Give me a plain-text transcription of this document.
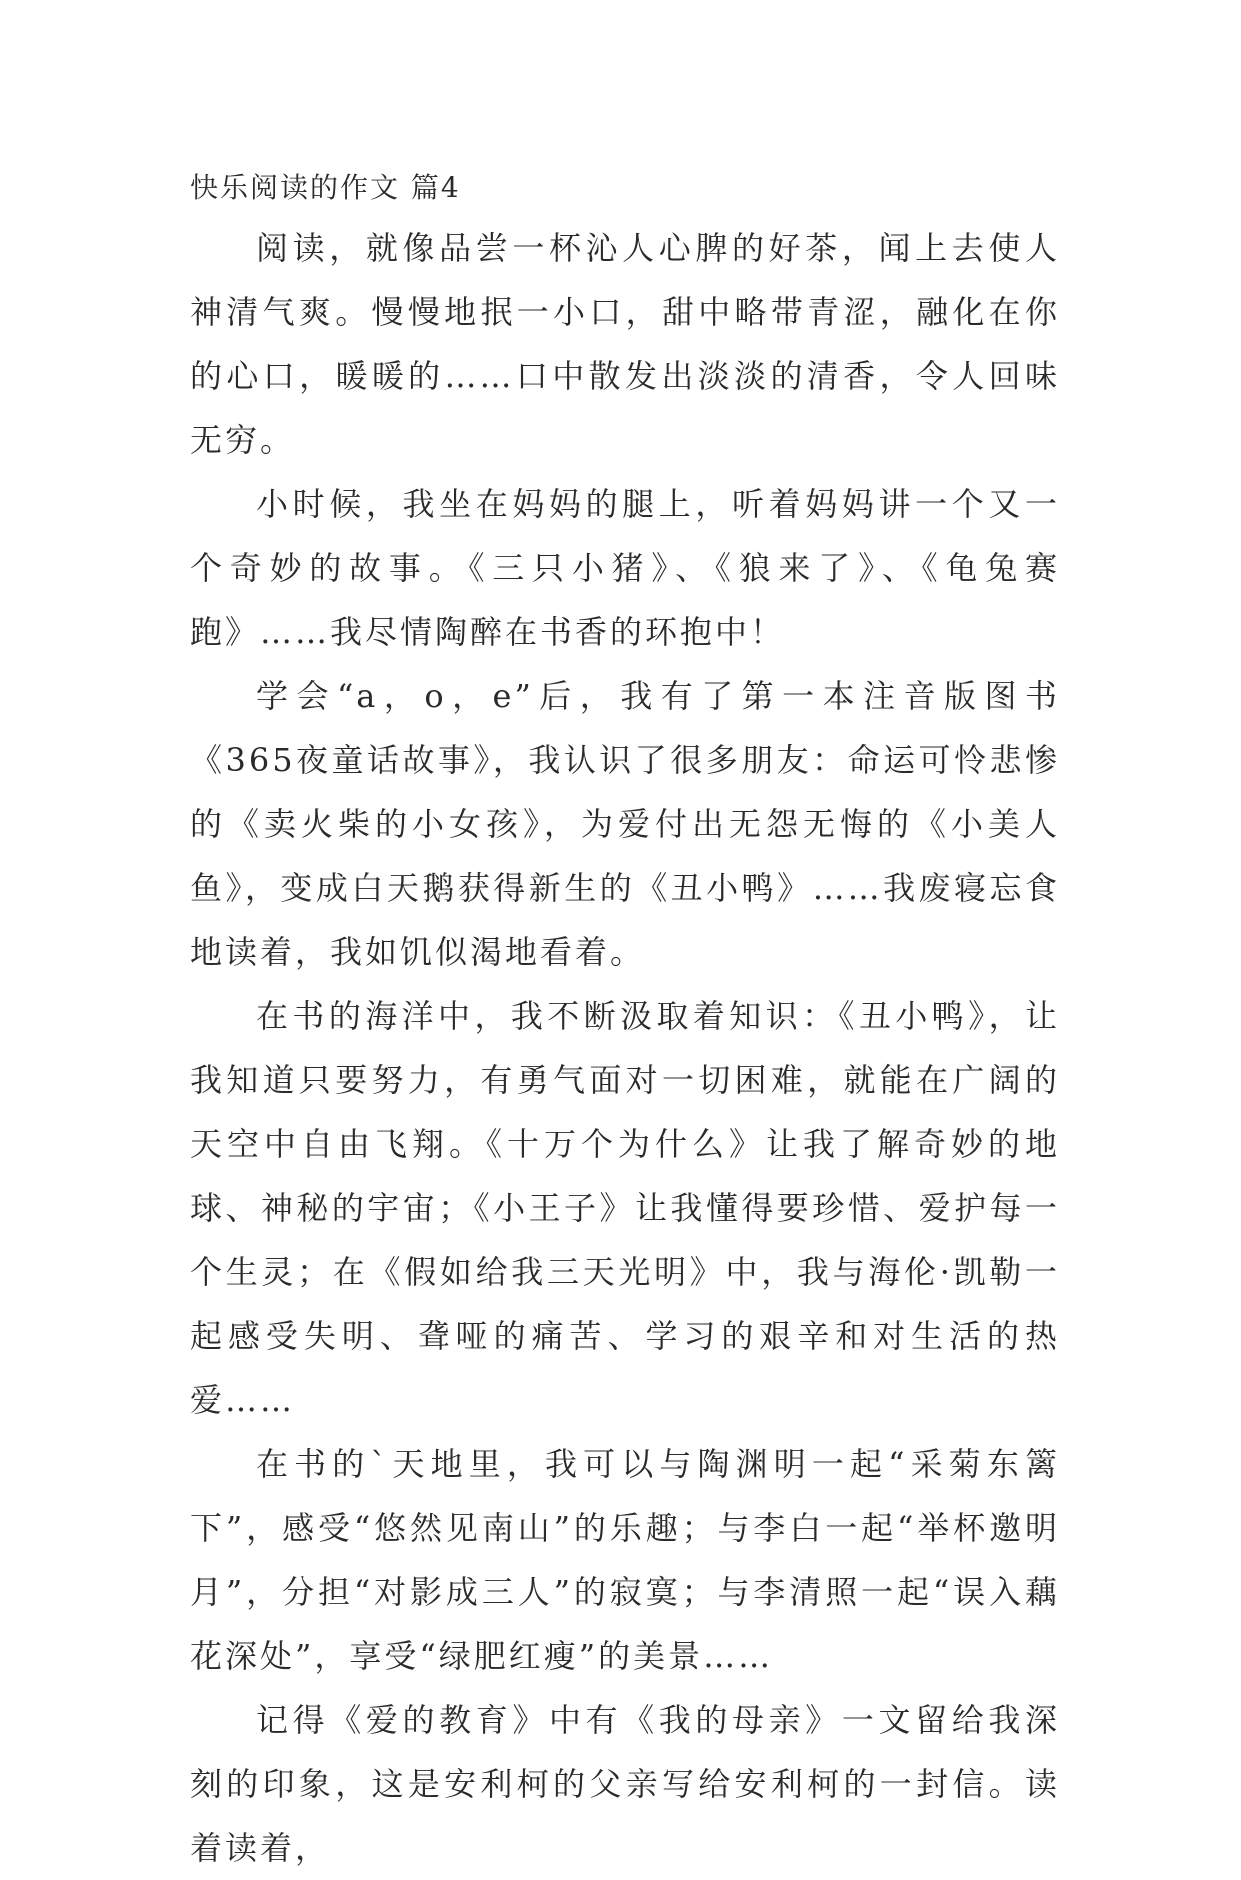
快乐阅读的作文 篇4

阅读，就像品尝一杯沁人心脾的好茶，闻上去使人神清气爽。慢慢地抿一小口，甜中略带青涩，融化在你的心口，暖暖的……口中散发出淡淡的清香，令人回味无穷。

小时候，我坐在妈妈的腿上，听着妈妈讲一个又一个奇妙的故事。《三只小猪》、《狼来了》、《龟兔赛跑》……我尽情陶醉在书香的环抱中！

学会“a，o，e”后，我有了第一本注音版图书《365夜童话故事》，我认识了很多朋友：命运可怜悲惨的《卖火柴的小女孩》，为爱付出无怨无悔的《小美人鱼》，变成白天鹅获得新生的《丑小鸭》……我废寝忘食地读着，我如饥似渴地看着。

在书的海洋中，我不断汲取着知识：《丑小鸭》，让我知道只要努力，有勇气面对一切困难，就能在广阔的天空中自由飞翔。《十万个为什么》让我了解奇妙的地球、神秘的宇宙；《小王子》让我懂得要珍惜、爱护每一个生灵；在《假如给我三天光明》中，我与海伦·凯勒一起感受失明、聋哑的痛苦、学习的艰辛和对生活的热爱……

在书的`天地里，我可以与陶渊明一起“采菊东篱下”，感受“悠然见南山”的乐趣；与李白一起“举杯邀明月”，分担“对影成三人”的寂寞；与李清照一起“误入藕花深处”，享受“绿肥红瘦”的美景……

记得《爱的教育》中有《我的母亲》一文留给我深刻的印象，这是安利柯的父亲写给安利柯的一封信。读着读着，
